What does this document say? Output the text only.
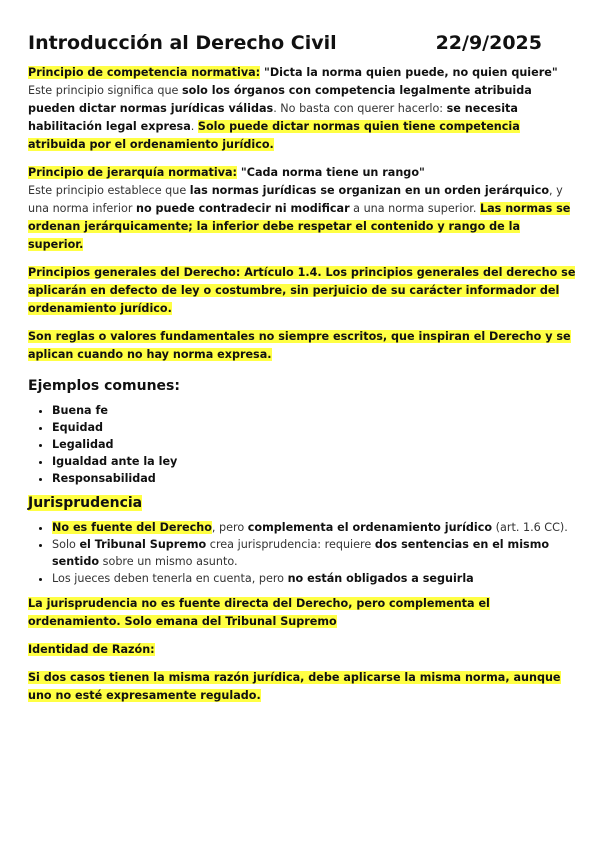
Introducción al Derecho Civil	22/9/2025

Principio de competencia normativa: "Dicta la norma quien puede, no quien quiere" Este principio significa que solo los órganos con competencia legalmente atribuida pueden dictar normas jurídicas válidas. No basta con querer hacerlo: se necesita habilitación legal expresa. Solo puede dictar normas quien tiene competencia atribuida por el ordenamiento jurídico.

Principio de jerarquía normativa: "Cada norma tiene un rango"
Este principio establece que las normas jurídicas se organizan en un orden jerárquico, y una norma inferior no puede contradecir ni modificar a una norma superior. Las normas se ordenan jerárquicamente; la inferior debe respetar el contenido y rango de la superior.

Principios generales del Derecho: Artículo 1.4. Los principios generales del derecho se aplicarán en defecto de ley o costumbre, sin perjuicio de su carácter informador del ordenamiento jurídico.

Son reglas o valores fundamentales no siempre escritos, que inspiran el Derecho y se aplican cuando no hay norma expresa.

Ejemplos comunes:
• Buena fe
• Equidad
• Legalidad
• Igualdad ante la ley
• Responsabilidad
Jurisprudencia
• No es fuente del Derecho, pero complementa el ordenamiento jurídico (art. 1.6 CC).
• Solo el Tribunal Supremo crea jurisprudencia: requiere dos sentencias en el mismo sentido sobre un mismo asunto.
• Los jueces deben tenerla en cuenta, pero no están obligados a seguirla

La jurisprudencia no es fuente directa del Derecho, pero complementa el ordenamiento. Solo emana del Tribunal Supremo

Identidad de Razón:

Si dos casos tienen la misma razón jurídica, debe aplicarse la misma norma, aunque uno no esté expresamente regulado.
